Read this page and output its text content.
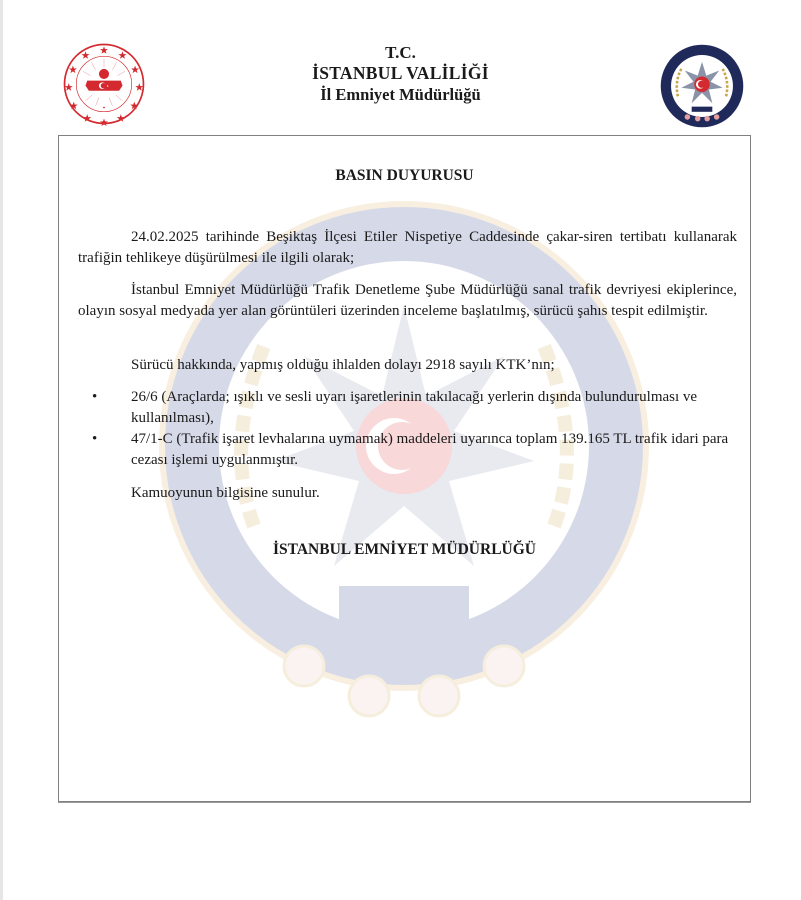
T.C.
İSTANBUL VALİLİĞİ
İl Emniyet Müdürlüğü
BASIN DUYURUSU
24.02.2025 tarihinde Beşiktaş İlçesi Etiler Nispetiye Caddesinde çakar-siren tertibatı kullanarak trafiğin tehlikeye düşürülmesi ile ilgili olarak;
İstanbul Emniyet Müdürlüğü Trafik Denetleme Şube Müdürlüğü sanal trafik devriyesi ekiplerince, olayın sosyal medyada yer alan görüntüleri üzerinden inceleme başlatılmış, sürücü şahıs tespit edilmiştir.
Sürücü hakkında, yapmış olduğu ihlalden dolayı 2918 sayılı KTK’nın;
• 26/6 (Araçlarda; ışıklı ve sesli uyarı işaretlerinin takılacağı yerlerin dışında bulundurulması ve kullanılması),
• 47/1-C (Trafik işaret levhalarına uymamak) maddeleri uyarınca toplam 139.165 TL trafik idari para cezası işlemi uygulanmıştır.
Kamuoyunun bilgisine sunulur.
İSTANBUL EMNİYET MÜDÜRLÜĞÜ
